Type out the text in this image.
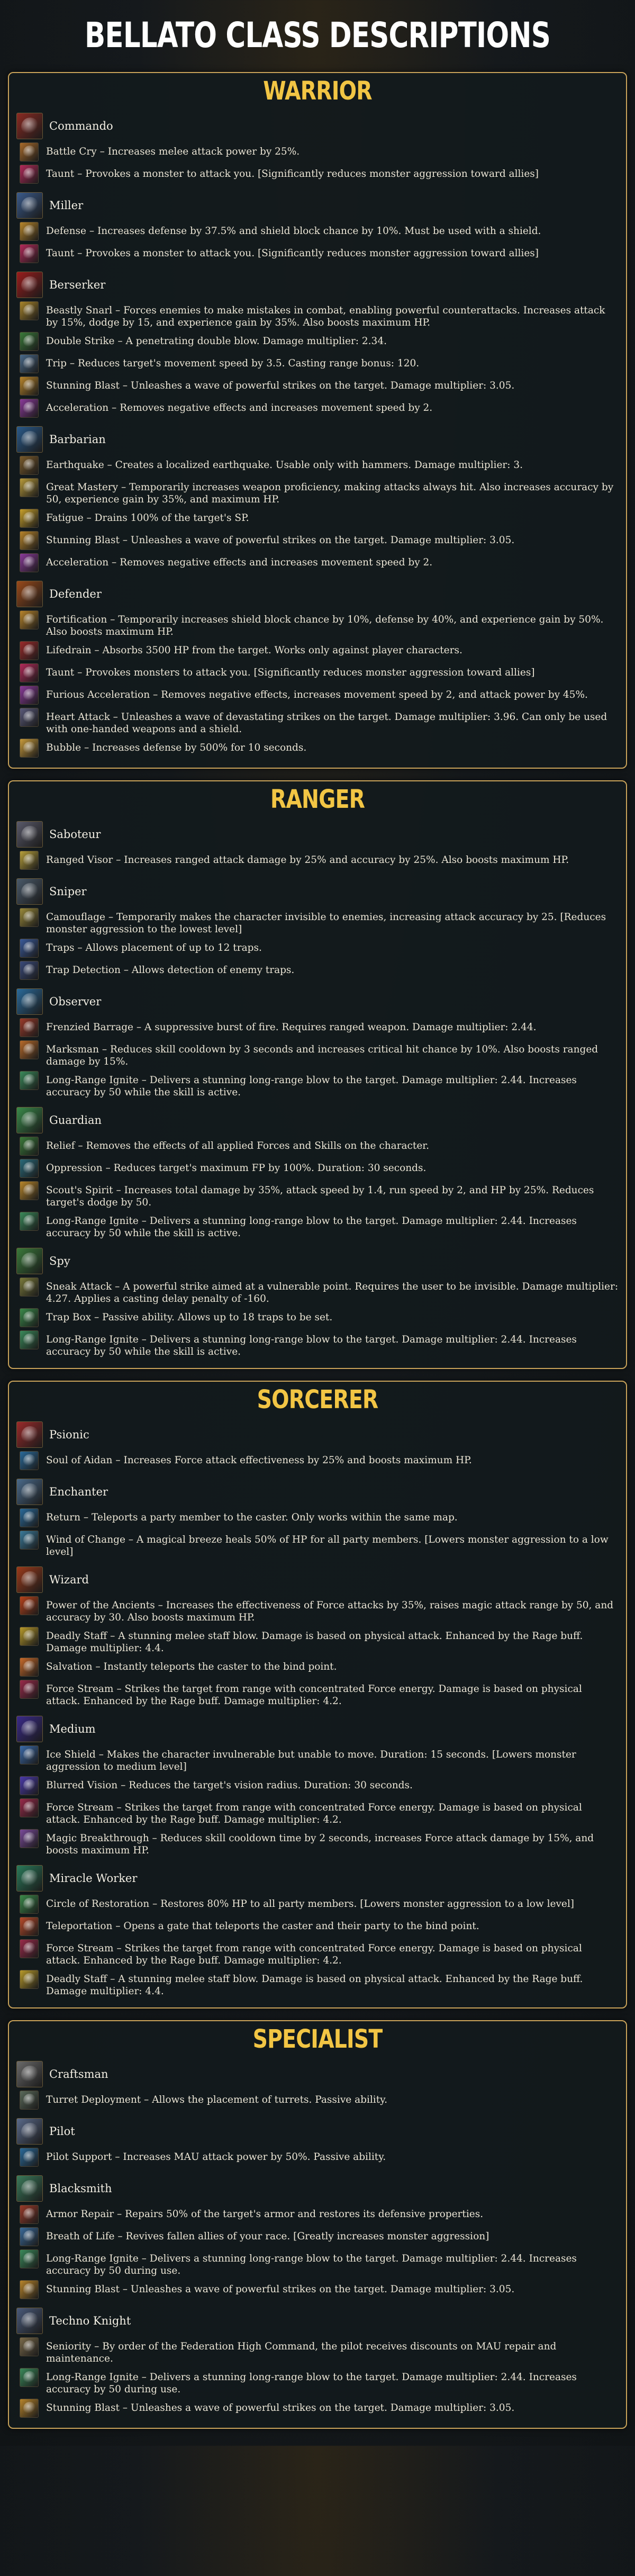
BELLATO CLASS DESCRIPTIONS
WARRIOR
Commando
Battle Cry – Increases melee attack power by 25%.
Taunt – Provokes a monster to attack you. [Significantly reduces monster aggression toward allies]
Miller
Defense – Increases defense by 37.5% and shield block chance by 10%. Must be used with a shield.
Taunt – Provokes a monster to attack you. [Significantly reduces monster aggression toward allies]
Berserker
Beastly Snarl – Forces enemies to make mistakes in combat, enabling powerful counterattacks. Increases attack by 15%, dodge by 15, and experience gain by 35%. Also boosts maximum HP.
Double Strike – A penetrating double blow. Damage multiplier: 2.34.
Trip – Reduces target's movement speed by 3.5. Casting range bonus: 120.
Stunning Blast – Unleashes a wave of powerful strikes on the target. Damage multiplier: 3.05.
Acceleration – Removes negative effects and increases movement speed by 2.
Barbarian
Earthquake – Creates a localized earthquake. Usable only with hammers. Damage multiplier: 3.
Great Mastery – Temporarily increases weapon proficiency, making attacks always hit. Also increases accuracy by 50, experience gain by 35%, and maximum HP.
Fatigue – Drains 100% of the target's SP.
Stunning Blast – Unleashes a wave of powerful strikes on the target. Damage multiplier: 3.05.
Acceleration – Removes negative effects and increases movement speed by 2.
Defender
Fortification – Temporarily increases shield block chance by 10%, defense by 40%, and experience gain by 50%. Also boosts maximum HP.
Lifedrain – Absorbs 3500 HP from the target. Works only against player characters.
Taunt – Provokes monsters to attack you. [Significantly reduces monster aggression toward allies]
Furious Acceleration – Removes negative effects, increases movement speed by 2, and attack power by 45%.
Heart Attack – Unleashes a wave of devastating strikes on the target. Damage multiplier: 3.96. Can only be used with one-handed weapons and a shield.
Bubble – Increases defense by 500% for 10 seconds.
RANGER
Saboteur
Ranged Visor – Increases ranged attack damage by 25% and accuracy by 25%. Also boosts maximum HP.
Sniper
Camouflage – Temporarily makes the character invisible to enemies, increasing attack accuracy by 25. [Reduces monster aggression to the lowest level]
Traps – Allows placement of up to 12 traps.
Trap Detection – Allows detection of enemy traps.
Observer
Frenzied Barrage – A suppressive burst of fire. Requires ranged weapon. Damage multiplier: 2.44.
Marksman – Reduces skill cooldown by 3 seconds and increases critical hit chance by 10%. Also boosts ranged damage by 15%.
Long-Range Ignite – Delivers a stunning long-range blow to the target. Damage multiplier: 2.44. Increases accuracy by 50 while the skill is active.
Guardian
Relief – Removes the effects of all applied Forces and Skills on the character.
Oppression – Reduces target's maximum FP by 100%. Duration: 30 seconds.
Scout's Spirit – Increases total damage by 35%, attack speed by 1.4, run speed by 2, and HP by 25%. Reduces target's dodge by 50.
Long-Range Ignite – Delivers a stunning long-range blow to the target. Damage multiplier: 2.44. Increases accuracy by 50 while the skill is active.
Spy
Sneak Attack – A powerful strike aimed at a vulnerable point. Requires the user to be invisible. Damage multiplier: 4.27. Applies a casting delay penalty of -160.
Trap Box – Passive ability. Allows up to 18 traps to be set.
Long-Range Ignite – Delivers a stunning long-range blow to the target. Damage multiplier: 2.44. Increases accuracy by 50 while the skill is active.
SORCERER
Psionic
Soul of Aidan – Increases Force attack effectiveness by 25% and boosts maximum HP.
Enchanter
Return – Teleports a party member to the caster. Only works within the same map.
Wind of Change – A magical breeze heals 50% of HP for all party members. [Lowers monster aggression to a low level]
Wizard
Power of the Ancients – Increases the effectiveness of Force attacks by 35%, raises magic attack range by 50, and accuracy by 30. Also boosts maximum HP.
Deadly Staff – A stunning melee staff blow. Damage is based on physical attack. Enhanced by the Rage buff. Damage multiplier: 4.4.
Salvation – Instantly teleports the caster to the bind point.
Force Stream – Strikes the target from range with concentrated Force energy. Damage is based on physical attack. Enhanced by the Rage buff. Damage multiplier: 4.2.
Medium
Ice Shield – Makes the character invulnerable but unable to move. Duration: 15 seconds. [Lowers monster aggression to medium level]
Blurred Vision – Reduces the target's vision radius. Duration: 30 seconds.
Force Stream – Strikes the target from range with concentrated Force energy. Damage is based on physical attack. Enhanced by the Rage buff. Damage multiplier: 4.2.
Magic Breakthrough – Reduces skill cooldown time by 2 seconds, increases Force attack damage by 15%, and boosts maximum HP.
Miracle Worker
Circle of Restoration – Restores 80% HP to all party members. [Lowers monster aggression to a low level]
Teleportation – Opens a gate that teleports the caster and their party to the bind point.
Force Stream – Strikes the target from range with concentrated Force energy. Damage is based on physical attack. Enhanced by the Rage buff. Damage multiplier: 4.2.
Deadly Staff – A stunning melee staff blow. Damage is based on physical attack. Enhanced by the Rage buff. Damage multiplier: 4.4.
SPECIALIST
Craftsman
Turret Deployment – Allows the placement of turrets. Passive ability.
Pilot
Pilot Support – Increases MAU attack power by 50%. Passive ability.
Blacksmith
Armor Repair – Repairs 50% of the target's armor and restores its defensive properties.
Breath of Life – Revives fallen allies of your race. [Greatly increases monster aggression]
Long-Range Ignite – Delivers a stunning long-range blow to the target. Damage multiplier: 2.44. Increases accuracy by 50 during use.
Stunning Blast – Unleashes a wave of powerful strikes on the target. Damage multiplier: 3.05.
Techno Knight
Seniority – By order of the Federation High Command, the pilot receives discounts on MAU repair and maintenance.
Long-Range Ignite – Delivers a stunning long-range blow to the target. Damage multiplier: 2.44. Increases accuracy by 50 during use.
Stunning Blast – Unleashes a wave of powerful strikes on the target. Damage multiplier: 3.05.
